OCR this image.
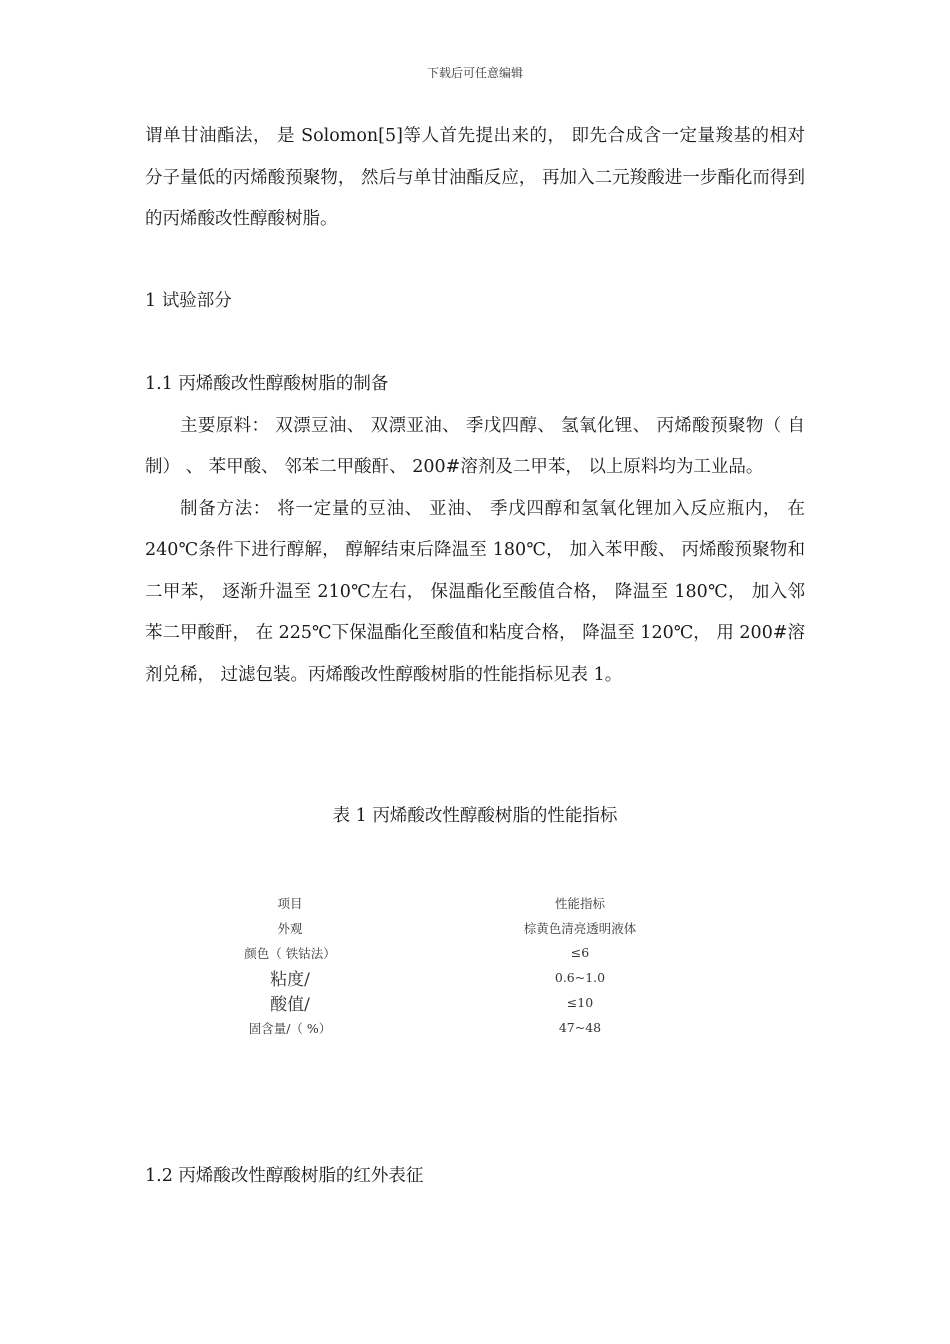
下载后可任意编辑

谓单甘油酯法， 是 Solomon[5]等人首先提出来的， 即先合成含一定量羧基的相对分子量低的丙烯酸预聚物， 然后与单甘油酯反应， 再加入二元羧酸进一步酯化而得到的丙烯酸改性醇酸树脂。

1 试验部分

1.1 丙烯酸改性醇酸树脂的制备

主要原料： 双漂豆油、 双漂亚油、 季戊四醇、 氢氧化锂、 丙烯酸预聚物（ 自制） 、 苯甲酸、 邻苯二甲酸酐、 200#溶剂及二甲苯， 以上原料均为工业品。

制备方法： 将一定量的豆油、 亚油、 季戊四醇和氢氧化锂加入反应瓶内， 在 240℃条件下进行醇解， 醇解结束后降温至 180℃， 加入苯甲酸、 丙烯酸预聚物和二甲苯， 逐渐升温至 210℃左右， 保温酯化至酸值合格， 降温至 180℃， 加入邻苯二甲酸酐， 在 225℃下保温酯化至酸值和粘度合格， 降温至 120℃， 用 200#溶剂兑稀， 过滤包装。丙烯酸改性醇酸树脂的性能指标见表 1。

表 1 丙烯酸改性醇酸树脂的性能指标
项目	性能指标
外观	棕黄色清亮透明液体
颜色（ 铁钴法）	≤6
粘度/	0.6~1.0
酸值/	≤10
固含量/（ %）	47~48

1.2 丙烯酸改性醇酸树脂的红外表征
